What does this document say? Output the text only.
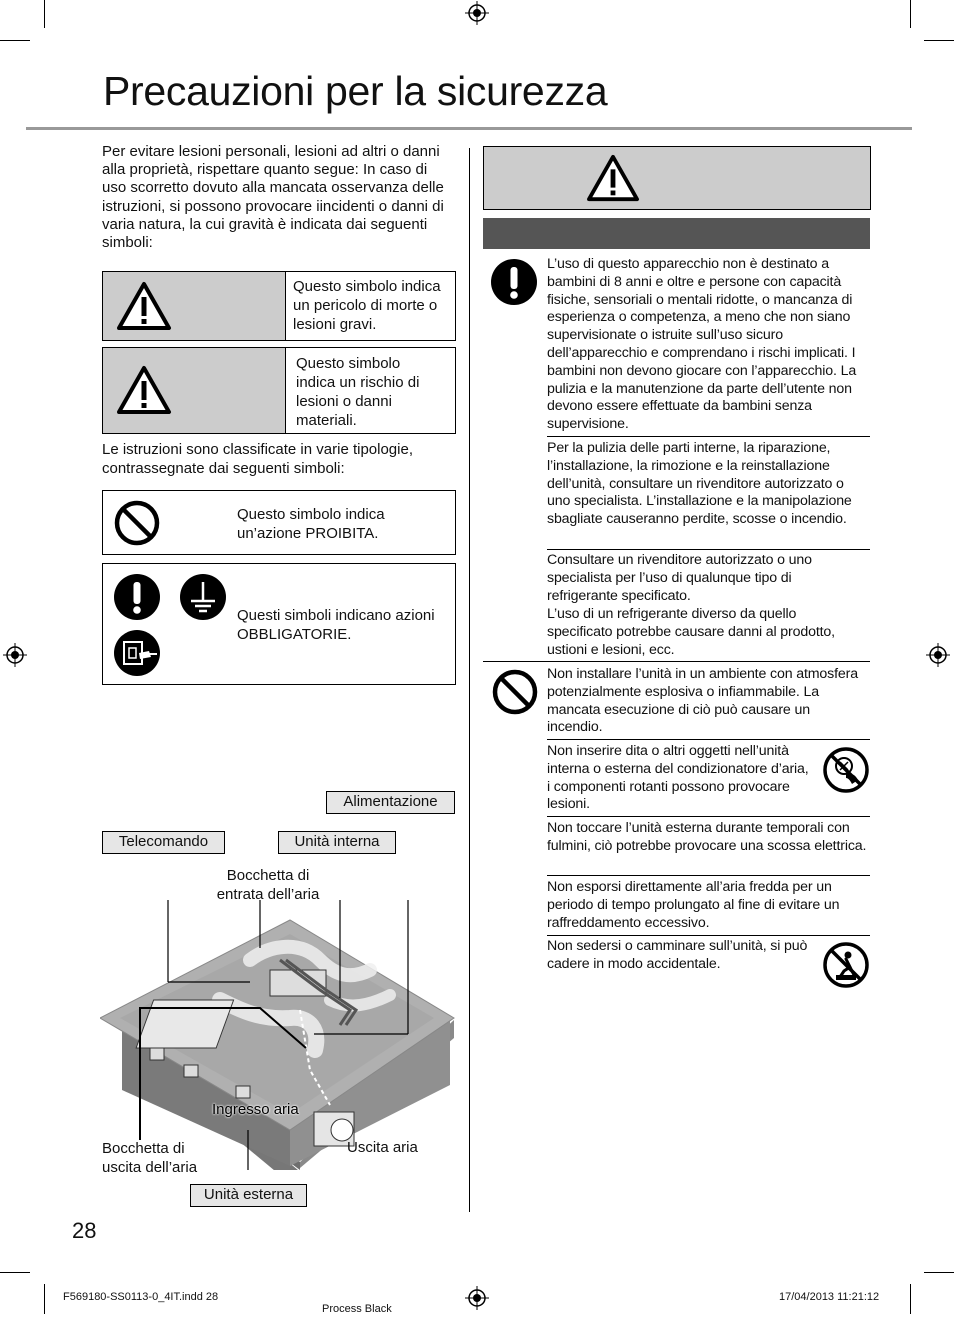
Precauzioni per la sicurezza
Per evitare lesioni personali, lesioni ad altri o danni alla proprietà, rispettare quanto segue: In caso di uso scorretto dovuto alla mancata osservanza delle istruzioni, si possono provocare iincidenti o danni di varia natura, la cui gravità è indicata dai seguenti simboli:
Questo simbolo indica un pericolo di morte o lesioni gravi.
Questo simbolo indica un rischio di lesioni o danni materiali.
Le istruzioni sono classificate in varie tipologie, contrassegnate dai seguenti simboli:
Questo simbolo indica un’azione PROIBITA.
Questi simboli indicano azioni OBBLIGATORIE.
Alimentazione
Telecomando	Unità interna
Bocchetta di entrata dell’aria
Ingresso aria
Uscita aria
Bocchetta di uscita dell’aria
Unità esterna
L’uso di questo apparecchio non è destinato a bambini di 8 anni e oltre e persone con capacità fisiche, sensoriali o mentali ridotte, o mancanza di esperienza o competenza, a meno che non siano supervisionate o istruite sull’uso sicuro dell’apparecchio e comprendano i rischi implicati. I bambini non devono giocare con l’apparecchio. La pulizia e la manutenzione da parte dell’utente non devono essere effettuate da bambini senza supervisione.
Per la pulizia delle parti interne, la riparazione, l’installazione, la rimozione e la reinstallazione dell’unità, consultare un rivenditore autorizzato o uno specialista. L’installazione e la manipolazione sbagliate causeranno perdite, scosse o incendio.
Consultare un rivenditore autorizzato o uno specialista per l’uso di qualunque tipo di refrigerante specificato.
L’uso di un refrigerante diverso da quello specificato potrebbe causare danni al prodotto, ustioni e lesioni, ecc.
Non installare l’unità in un ambiente con atmosfera potenzialmente esplosiva o infiammabile. La mancata esecuzione di ciò può causare un incendio.
Non inserire dita o altri oggetti nell’unità interna o esterna del condizionatore d’aria, i componenti rotanti possono provocare lesioni.
Non toccare l’unità esterna durante temporali con fulmini, ciò potrebbe provocare una scossa elettrica.
Non esporsi direttamente all’aria fredda per un periodo di tempo prolungato al fine di evitare un raffreddamento eccessivo.
Non sedersi o camminare sull’unità, si può cadere in modo accidentale.
28
F569180-SS0113-0_4IT.indd 28
Process Black
17/04/2013 11:21:12
